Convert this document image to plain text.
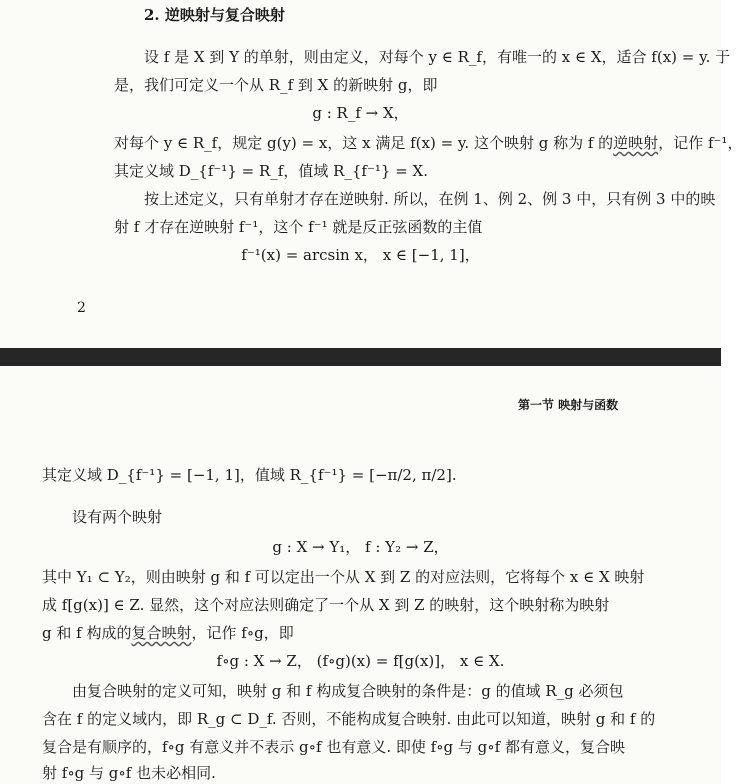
2. 逆映射与复合映射
设 f 是 X 到 Y 的单射，则由定义，对每个 y ∈ R_f，有唯一的 x ∈ X，适合 f(x) = y. 于
是，我们可定义一个从 R_f 到 X 的新映射 g，即
g : R_f → X，
对每个 y ∈ R_f，规定 g(y) = x，这 x 满足 f(x) = y. 这个映射 g 称为 f 的逆映射，记作 f⁻¹，
其定义域 D_{f⁻¹} = R_f，值域 R_{f⁻¹} = X.
按上述定义，只有单射才存在逆映射. 所以，在例 1、例 2、例 3 中，只有例 3 中的映
射 f 才存在逆映射 f⁻¹，这个 f⁻¹ 就是反正弦函数的主值
f⁻¹(x) = arcsin x， x ∈ [−1, 1]，
2
第一节 映射与函数
其定义域 D_{f⁻¹} = [−1, 1]，值域 R_{f⁻¹} = [−π/2, π/2].
设有两个映射
g : X → Y₁， f : Y₂ → Z，
其中 Y₁ ⊂ Y₂，则由映射 g 和 f 可以定出一个从 X 到 Z 的对应法则，它将每个 x ∈ X 映射
成 f[g(x)] ∈ Z. 显然，这个对应法则确定了一个从 X 到 Z 的映射，这个映射称为映射
g 和 f 构成的复合映射，记作 f∘g，即
f∘g : X → Z， (f∘g)(x) = f[g(x)]， x ∈ X.
由复合映射的定义可知，映射 g 和 f 构成复合映射的条件是：g 的值域 R_g 必须包
含在 f 的定义域内，即 R_g ⊂ D_f. 否则，不能构成复合映射. 由此可以知道，映射 g 和 f 的
复合是有顺序的，f∘g 有意义并不表示 g∘f 也有意义. 即使 f∘g 与 g∘f 都有意义，复合映
射 f∘g 与 g∘f 也未必相同.
